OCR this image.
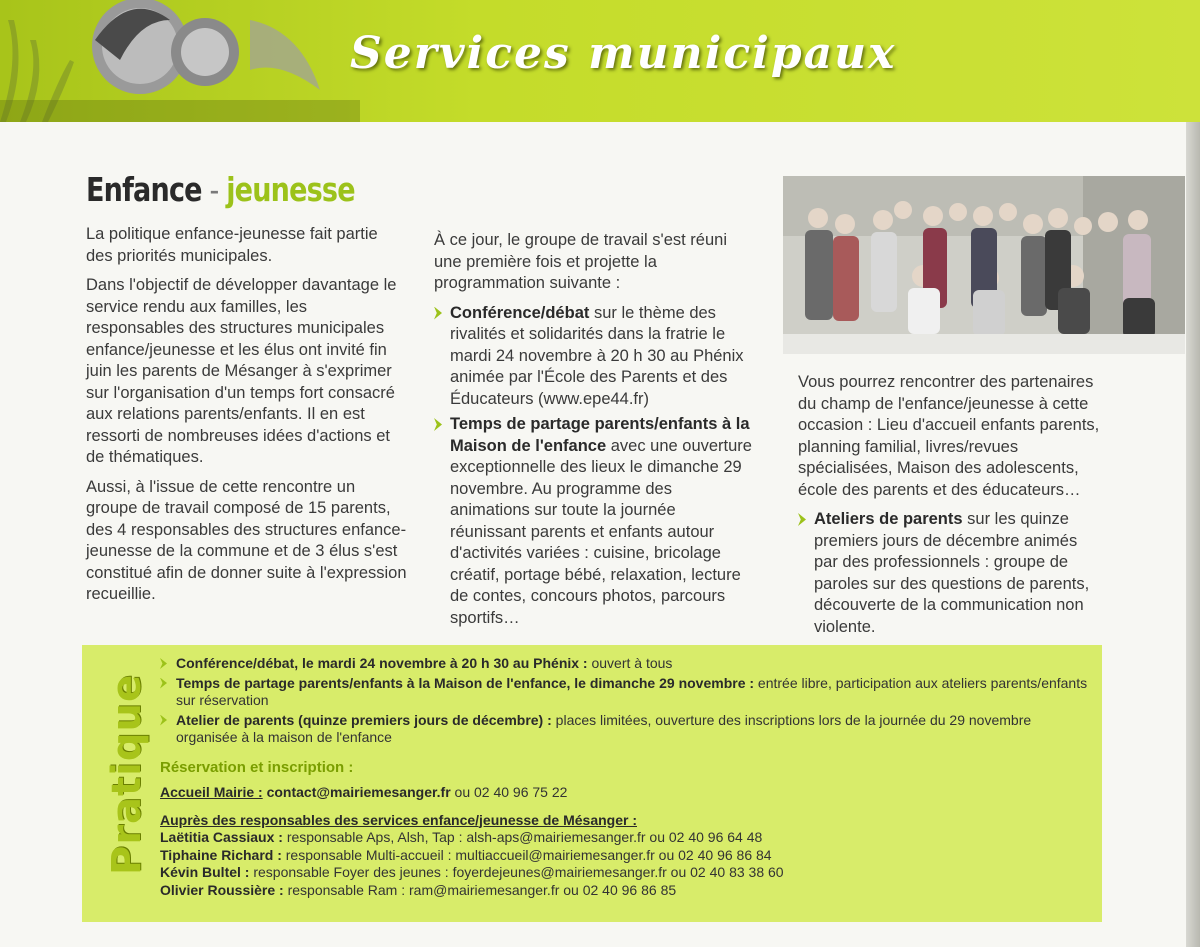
Services municipaux
Enfance - jeunesse

La politique enfance-jeunesse fait partie des priorités municipales.

Dans l'objectif de développer davantage le service rendu aux familles, les responsables des structures municipales enfance/jeunesse et les élus ont invité fin juin les parents de Mésanger à s'exprimer sur l'organisation d'un temps fort consacré aux relations parents/enfants. Il en est ressorti de nombreuses idées d'actions et de thématiques.

Aussi, à l'issue de cette rencontre un groupe de travail composé de 15 parents, des 4 responsables des structures enfance-jeunesse de la commune et de 3 élus s'est constitué afin de donner suite à l'expression recueillie.

À ce jour, le groupe de travail s'est réuni une première fois et projette la programmation suivante :

Conférence/débat sur le thème des rivalités et solidarités dans la fratrie le mardi 24 novembre à 20 h 30 au Phénix animée par l'École des Parents et des Éducateurs (www.epe44.fr)
Temps de partage parents/enfants à la Maison de l'enfance avec une ouverture exceptionnelle des lieux le dimanche 29 novembre. Au programme des animations sur toute la journée réunissant parents et enfants autour d'activités variées : cuisine, bricolage créatif, portage bébé, relaxation, lecture de contes, concours photos, parcours sportifs…

Vous pourrez rencontrer des partenaires du champ de l'enfance/jeunesse à cette occasion : Lieu d'accueil enfants parents, planning familial, livres/revues spécialisées, Maison des adolescents, école des parents et des éducateurs…

Ateliers de parents sur les quinze premiers jours de décembre animés par des professionnels : groupe de paroles sur des questions de parents, découverte de la communication non violente.
Pratique
Conférence/débat, le mardi 24 novembre à 20 h 30 au Phénix : ouvert à tous
Temps de partage parents/enfants à la Maison de l'enfance, le dimanche 29 novembre : entrée libre, participation aux ateliers parents/enfants sur réservation
Atelier de parents (quinze premiers jours de décembre) : places limitées, ouverture des inscriptions lors de la journée du 29 novembre organisée à la maison de l'enfance
Réservation et inscription :

Accueil Mairie : contact@mairiemesanger.fr ou 02 40 96 75 22

Auprès des responsables des services enfance/jeunesse de Mésanger :

Laëtitia Cassiaux : responsable Aps, Alsh, Tap : alsh-aps@mairiemesanger.fr ou 02 40 96 64 48

Tiphaine Richard : responsable Multi-accueil : multiaccueil@mairiemesanger.fr ou 02 40 96 86 84

Kévin Bultel : responsable Foyer des jeunes : foyerdejeunes@mairiemesanger.fr ou 02 40 83 38 60

Olivier Roussière : responsable Ram : ram@mairiemesanger.fr ou 02 40 96 86 85
